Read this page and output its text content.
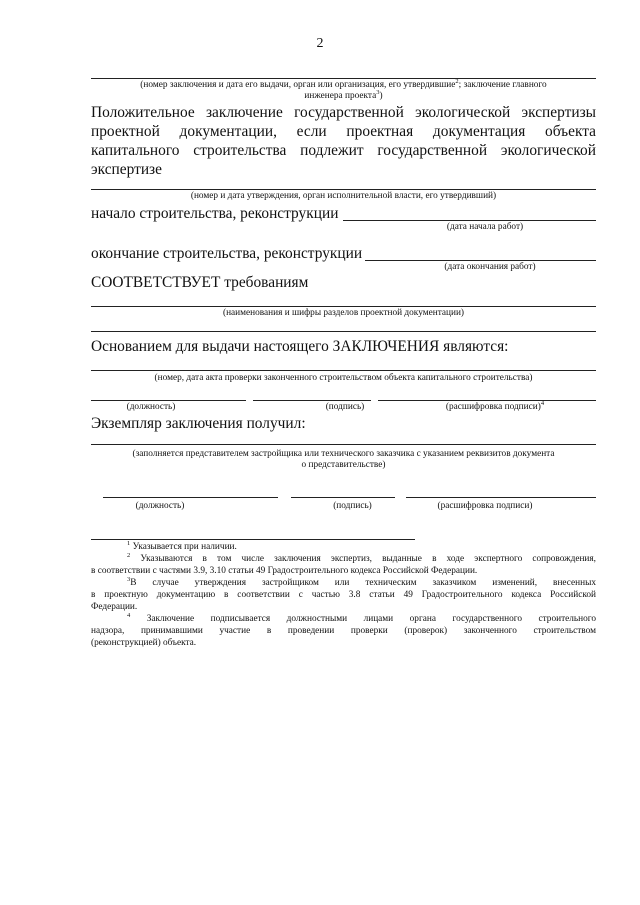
2
(номер заключения и дата его выдачи, орган или организация, его утвердившие$^2$; заключение главного
инженера проекта$^3$)
Положительное заключение государственной экологической экспертизы
проектной документации, если проектная документация объекта
капитального строительства подлежит государственной экологической
экспертизе
(номер и дата утверждения, орган исполнительной власти, его утвердивший)
начало строительства, реконструкции
(дата начала работ)
окончание строительства, реконструкции
(дата окончания работ)
СООТВЕТСТВУЕТ требованиям
(наименования и шифры разделов проектной документации)
Основанием для выдачи настоящего ЗАКЛЮЧЕНИЯ являются:
(номер, дата акта проверки законченного строительством объекта капитального строительства)
(должность)	(подпись)	(расшифровка подписи)$^4$
Экземпляр заключения получил:
(заполняется представителем застройщика или технического заказчика с указанием реквизитов документа
о представительстве)
(должность)	(подпись)	(расшифровка подписи)
$^1$ Указывается при наличии.
$^2$ Указываются в том числе заключения экспертиз, выданные в ходе экспертного сопровождения,
в соответствии с частями 3.9, 3.10 статьи 49 Градостроительного кодекса Российской Федерации.
$^3$В случае утверждения застройщиком или техническим заказчиком изменений, внесенных
в проектную документацию в соответствии с частью 3.8 статьи 49 Градостроительного кодекса Российской
Федерации.
$^4$ Заключение подписывается должностными лицами органа государственного строительного
надзора, принимавшими участие в проведении проверки (проверок) законченного строительством
(реконструкцией) объекта.
